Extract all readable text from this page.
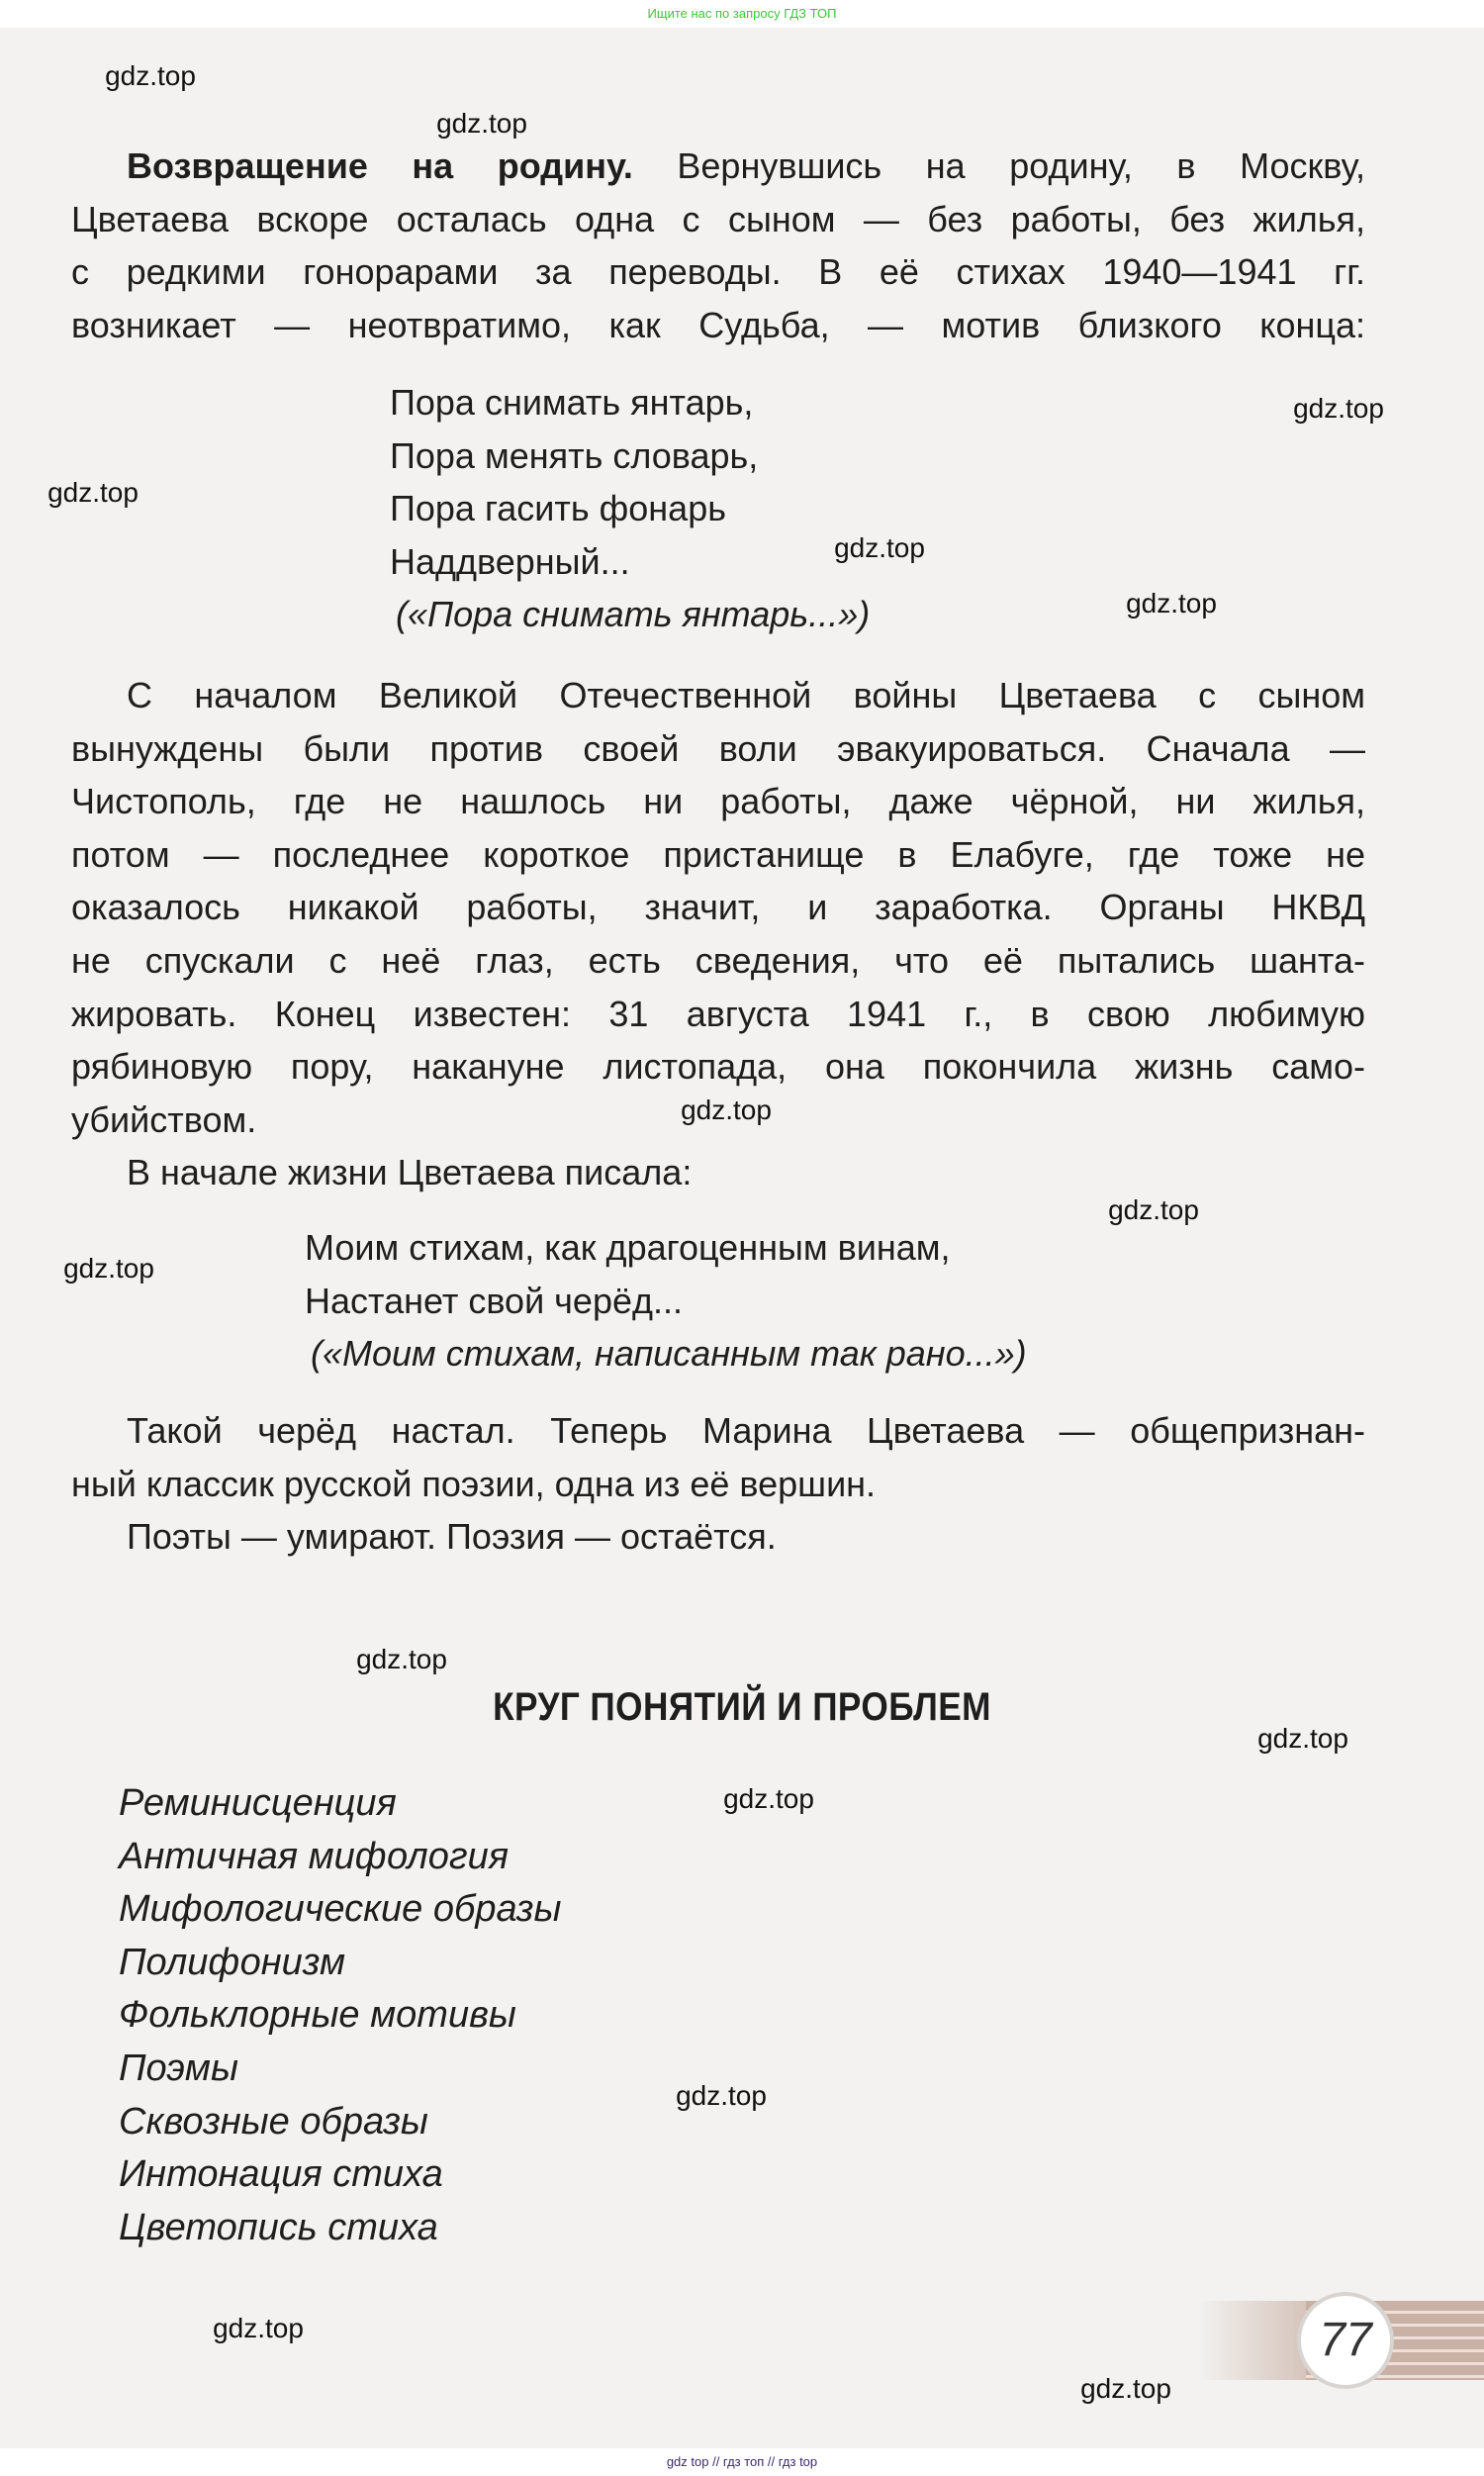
Ищите нас по запросу ГДЗ ТОП
Возвращение на родину. Вернувшись на родину, в Москву,
Цветаева вскоре осталась одна с сыном — без работы, без жилья,
с редкими гонорарами за переводы. В её стихах 1940—1941 гг.
возникает — неотвратимо, как Судьба, — мотив близкого конца:
Пора снимать янтарь,
Пора менять словарь,
Пора гасить фонарь
Наддверный...
(«Пора снимать янтарь...»)
С началом Великой Отечественной войны Цветаева с сыном
вынуждены были против своей воли эвакуироваться. Сначала —
Чистополь, где не нашлось ни работы, даже чёрной, ни жилья,
потом — последнее короткое пристанище в Елабуге, где тоже не
оказалось никакой работы, значит, и заработка. Органы НКВД
не спускали с неё глаз, есть сведения, что её пытались шанта-
жировать. Конец известен: 31 августа 1941 г., в свою любимую
рябиновую пору, накануне листопада, она покончила жизнь само-
убийством.
В начале жизни Цветаева писала:
Моим стихам, как драгоценным винам,
Настанет свой черёд...
(«Моим стихам, написанным так рано...»)
Такой черёд настал. Теперь Марина Цветаева — общепризнан-
ный классик русской поэзии, одна из её вершин.
Поэты — умирают. Поэзия — остаётся.
КРУГ ПОНЯТИЙ И ПРОБЛЕМ
Реминисценция
Античная мифология
Мифологические образы
Полифонизм
Фольклорные мотивы
Поэмы
Сквозные образы
Интонация стиха
Цветопись стиха
77
gdz.top
gdz.top
gdz.top
gdz.top
gdz.top
gdz.top
gdz.top
gdz.top
gdz.top
gdz.top
gdz.top
gdz.top
gdz.top
gdz.top
gdz.top
gdz top // гдз топ // гдз top
